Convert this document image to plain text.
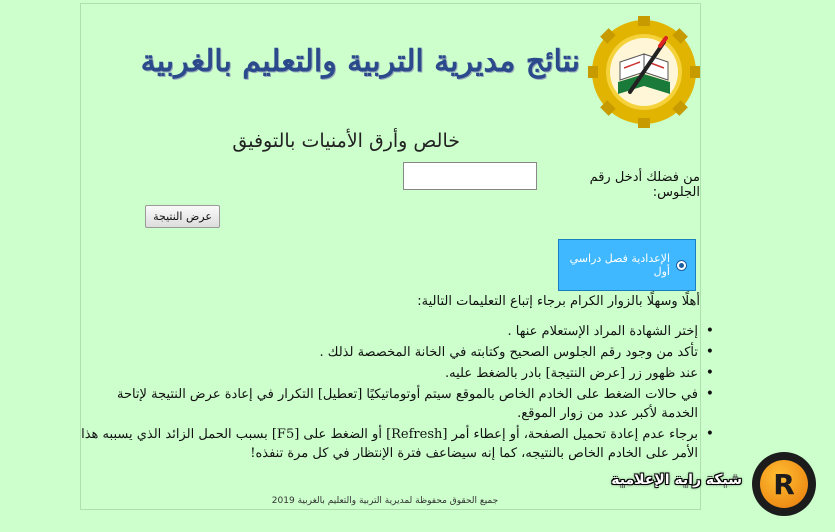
نتائج مديرية التربية والتعليم بالغربية
خالص وأرق الأمنيات بالتوفيق
من فضلك أدخل رقم الجلوس:
عرض النتيجة
الإعدادية فصل دراسي أول
أهلًا وسهلًا بالزوار الكرام برجاء إتباع التعليمات التالية:
• إختر الشهادة المراد الإستعلام عنها .
• تأكد من وجود رقم الجلوس الصحيح وكتابته في الخانة المخصصة لذلك .
• عند ظهور زر [عرض النتيجة] بادر بالضغط عليه.
• في حالات الضغط على الخادم الخاص بالموقع سيتم أوتوماتيكيًا [تعطيل] التكرار في إعادة عرض النتيجة لإتاحة الخدمة لأكبر عدد من زوار الموقع.
• برجاء عدم إعادة تحميل الصفحة، أو إعطاء أمر [Refresh] أو الضغط على [F5] بسبب الحمل الزائد الذي يسببه هذا الأمر على الخادم الخاص بالنتيجه، كما إنه سيضاعف فترة الإنتظار في كل مرة تنفذه!
جميع الحقوق محفوظة لمديرية التربية والتعليم بالغربية 2019
شبكة راية الإعلامية	R
